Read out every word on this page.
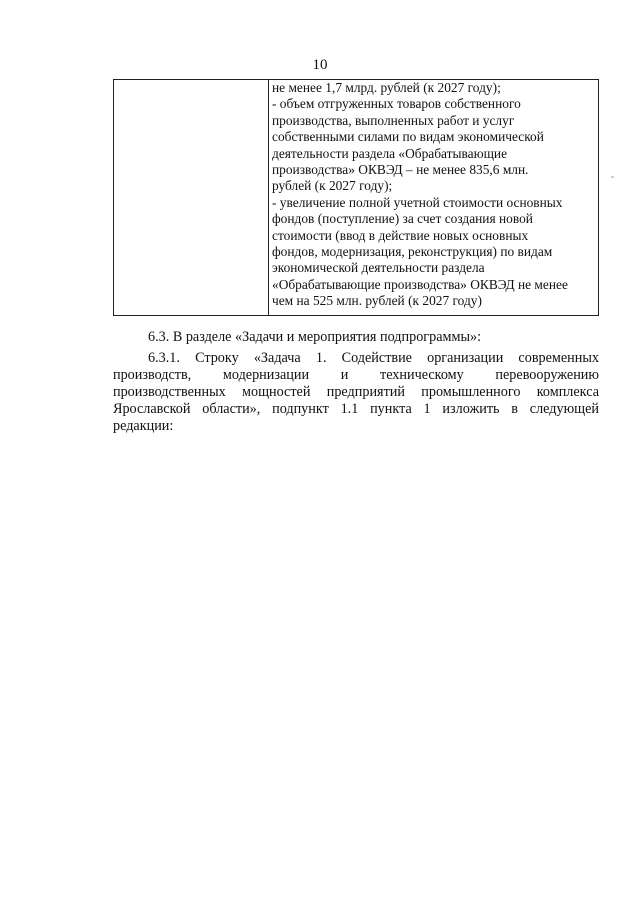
10
не менее 1,7 млрд. рублей (к 2027 году);
- объем отгруженных товаров собственного
производства, выполненных работ и услуг
собственными силами по видам экономической
деятельности раздела «Обрабатывающие
производства» ОКВЭД – не менее 835,6 млн.
рублей (к 2027 году);
- увеличение полной учетной стоимости основных
фондов (поступление) за счет создания новой
стоимости (ввод в действие новых основных
фондов, модернизация, реконструкция) по видам
экономической деятельности раздела
«Обрабатывающие производства» ОКВЭД не менее
чем на 525 млн. рублей (к 2027 году)
6.3. В разделе «Задачи и мероприятия подпрограммы»:
6.3.1. Строку «Задача 1. Содействие организации современных
производств, модернизации и техническому перевооружению
производственных мощностей предприятий промышленного комплекса
Ярославской области», подпункт 1.1 пункта 1 изложить в следующей
редакции:
